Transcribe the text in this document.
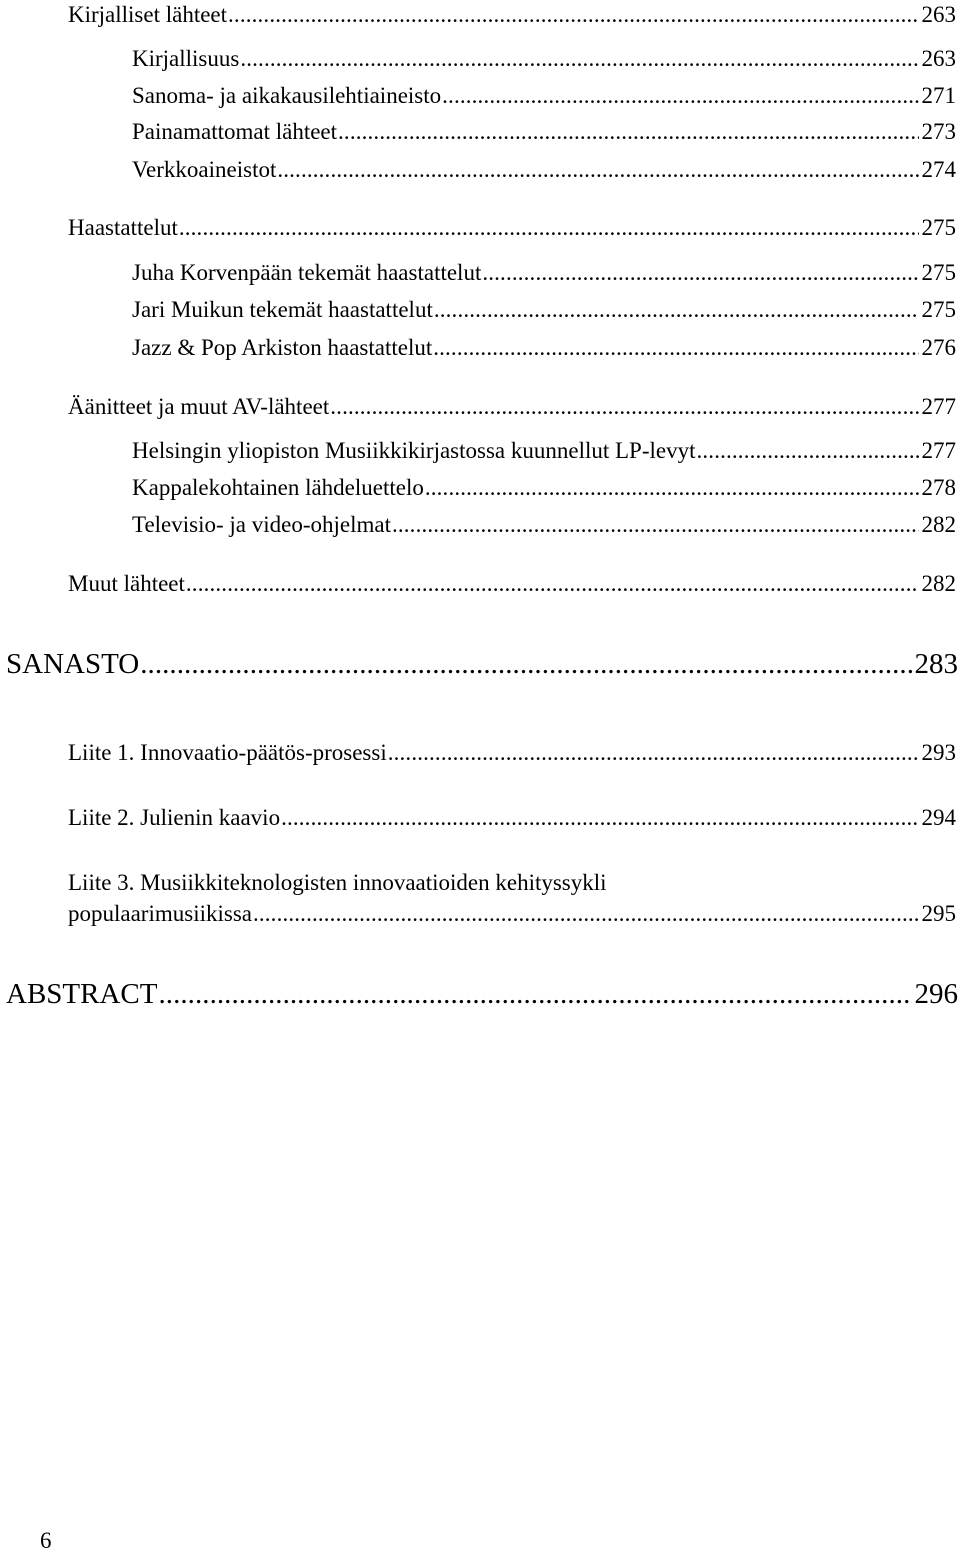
Kirjalliset lähteet . . .	263
Kirjallisuus . . .	263
Sanoma- ja aikakausilehtiaineisto . . .	271
Painamattomat lähteet . . .	273
Verkkoaineistot . . .	274
Haastattelut . . .	275
Juha Korvenpään tekemät haastattelut . . .	275
Jari Muikun tekemät haastattelut . . .	275
Jazz & Pop Arkiston haastattelut . . .	276
Äänitteet ja muut AV-lähteet . . .	277
Helsingin yliopiston Musiikkikirjastossa kuunnellut LP-levyt . . .	277
Kappalekohtainen lähdeluettelo . . .	278
Televisio- ja video-ohjelmat . . .	282
Muut lähteet . . .	282
SANASTO . . .	283
Liite 1. Innovaatio-päätös-prosessi . . .	293
Liite 2. Julienin kaavio . . .	294
Liite 3. Musiikkiteknologisten innovaatioiden kehityssykli
populaarimusiikissa . . .	295
ABSTRACT . . .	296
6
